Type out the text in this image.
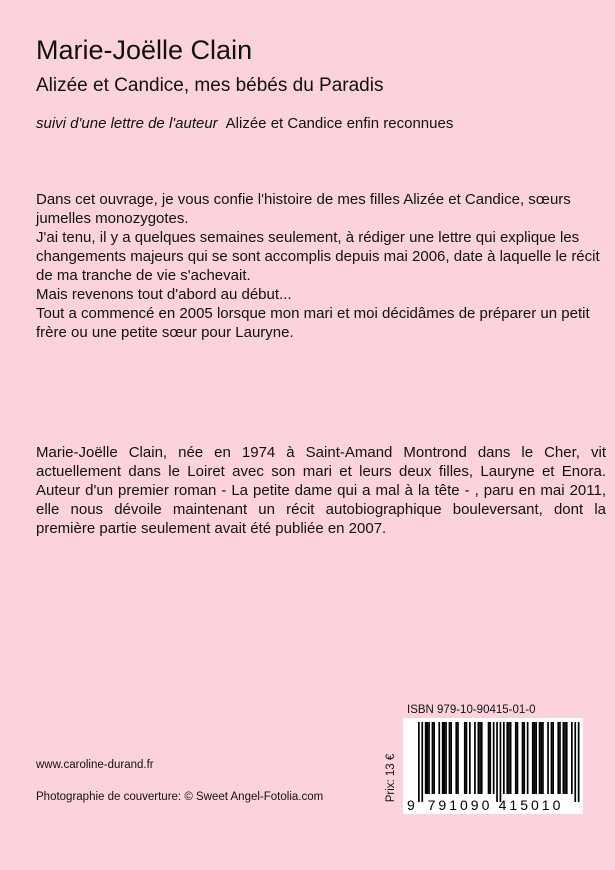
Marie-Joëlle Clain
Alizée et Candice, mes bébés du Paradis
suivi d'une lettre de l'auteur Alizée et Candice enfin reconnues

Dans cet ouvrage, je vous confie l'histoire de mes filles Alizée et Candice, sœurs jumelles monozygotes.

J'ai tenu, il y a quelques semaines seulement, à rédiger une lettre qui explique les changements majeurs qui se sont accomplis depuis mai 2006, date à laquelle le récit de ma tranche de vie s'achevait.

Mais revenons tout d'abord au début...

Tout a commencé en 2005 lorsque mon mari et moi décidâmes de préparer un petit frère ou une petite sœur pour Lauryne.

Marie-Joëlle Clain, née en 1974 à Saint-Amand Montrond dans le Cher, vit actuellement dans le Loiret avec son mari et leurs deux filles, Lauryne et Enora. Auteur d'un premier roman - La petite dame qui a mal à la tête - , paru en mai 2011, elle nous dévoile maintenant un récit autobiographique bouleversant, dont la première partie seulement avait été publiée en 2007.
ISBN 979-10-90415-01-0
Prix: 13 €
9 791090 415010
www.caroline-durand.fr
Photographie de couverture: © Sweet Angel-Fotolia.com
